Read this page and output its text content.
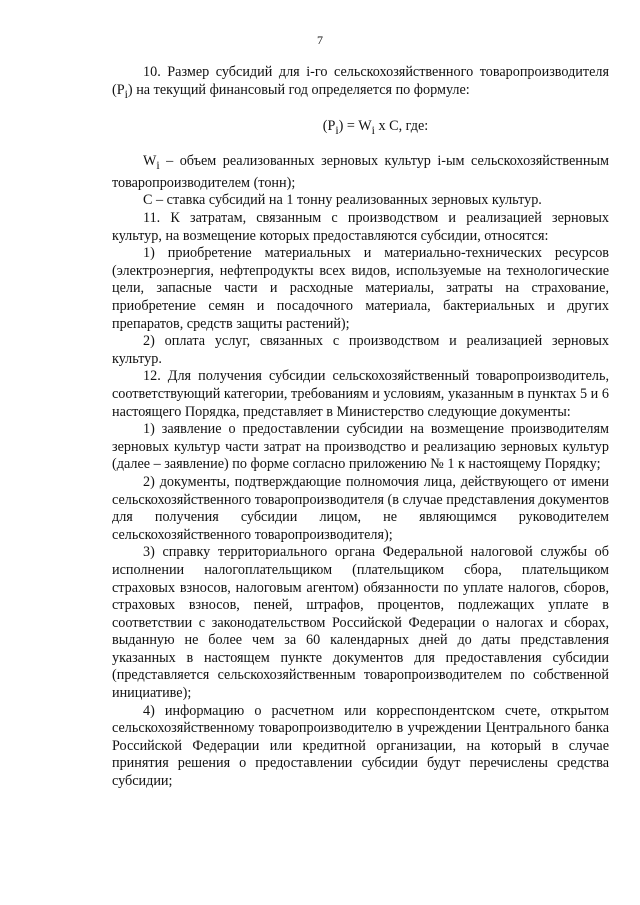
7

10. Размер субсидий для i-го сельскохозяйственного товаропроизводителя $(P_i)$ на текущий финансовый год определяется по формуле:

$(P_i) = W_i$ x C, где:

$W_i$ – объем реализованных зерновых культур i-ым сельскохозяйственным товаропроизводителем (тонн);

С – ставка субсидий на 1 тонну реализованных зерновых культур.

11. К затратам, связанным с производством и реализацией зерновых культур, на возмещение которых предоставляются субсидии, относятся:

1) приобретение материальных и материально-технических ресурсов (электроэнергия, нефтепродукты всех видов, используемые на технологические цели, запасные части и расходные материалы, затраты на страхование, приобретение семян и посадочного материала, бактериальных и других препаратов, средств защиты растений);

2) оплата услуг, связанных с производством и реализацией зерновых культур.

12. Для получения субсидии сельскохозяйственный товаропроизводитель, соответствующий категории, требованиям и условиям, указанным в пунктах 5 и 6 настоящего Порядка, представляет в Министерство следующие документы:

1) заявление о предоставлении субсидии на возмещение производителям зерновых культур части затрат на производство и реализацию зерновых культур (далее – заявление) по форме согласно приложению № 1 к настоящему Порядку;

2) документы, подтверждающие полномочия лица, действующего от имени сельскохозяйственного товаропроизводителя (в случае представления документов для получения субсидии лицом, не являющимся руководителем сельскохозяйственного товаропроизводителя);

3) справку территориального органа Федеральной налоговой службы об исполнении налогоплательщиком (плательщиком сбора, плательщиком страховых взносов, налоговым агентом) обязанности по уплате налогов, сборов, страховых взносов, пеней, штрафов, процентов, подлежащих уплате в соответствии с законодательством Российской Федерации о налогах и сборах, выданную не более чем за 60 календарных дней до даты представления указанных в настоящем пункте документов для предоставления субсидии (представляется сельскохозяйственным товаропроизводителем по собственной инициативе);

4) информацию о расчетном или корреспондентском счете, открытом сельскохозяйственному товаропроизводителю в учреждении Центрального банка Российской Федерации или кредитной организации, на который в случае принятия решения о предоставлении субсидии будут перечислены средства субсидии;
